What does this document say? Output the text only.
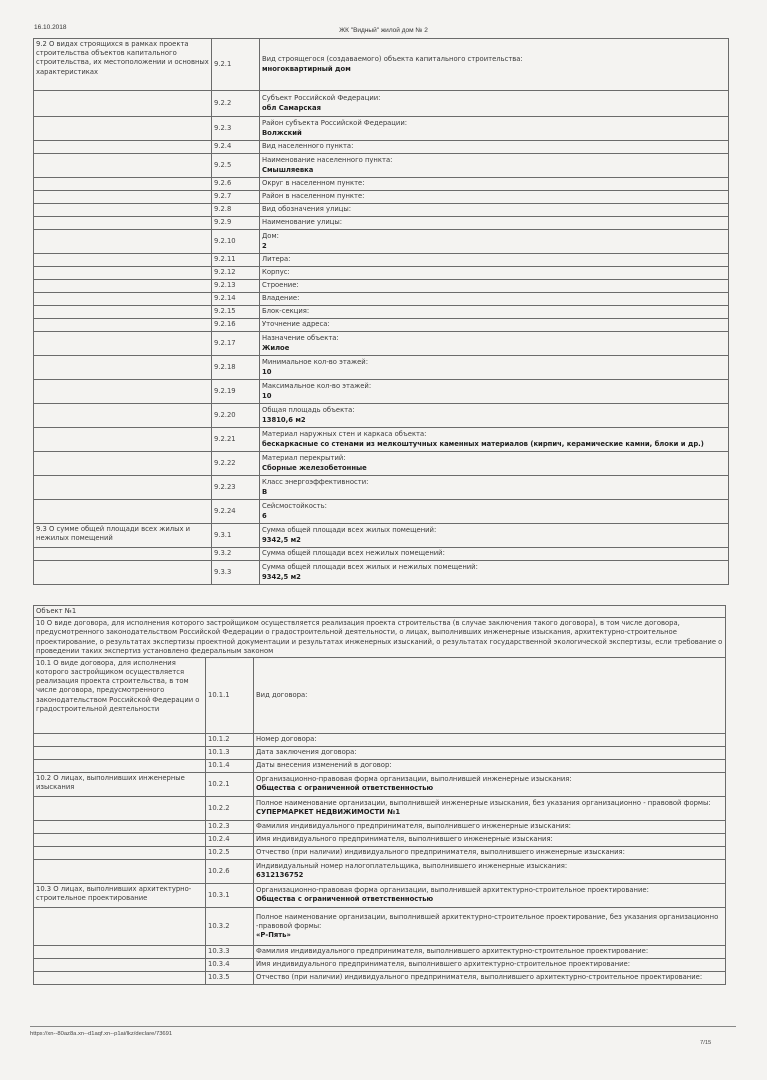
16.10.2018	ЖК "Видный" жилой дом № 2
9.2 О видах строящихся в рамках проекта строительства объектов капитального строительства, их местоположении и основных характеристиках	9.2.1	Вид строящегося (создаваемого) объекта капитального строительства:
многоквартирный дом

	9.2.2	Субъект Российской Федерации:
обл Самарская

	9.2.3	Район субъекта Российской Федерации:
Волжский

	9.2.4	Вид населенного пункта:

	9.2.5	Наименование населенного пункта:
Смышляевка

	9.2.6	Округ в населенном пункте:

	9.2.7	Район в населенном пункте:

	9.2.8	Вид обозначения улицы:

	9.2.9	Наименование улицы:

	9.2.10	Дом:
2

	9.2.11	Литера:

	9.2.12	Корпус:

	9.2.13	Строение:

	9.2.14	Владение:

	9.2.15	Блок-секция:

	9.2.16	Уточнение адреса:

	9.2.17	Назначение объекта:
Жилое

	9.2.18	Минимальное кол-во этажей:
10

	9.2.19	Максимальное кол-во этажей:
10

	9.2.20	Общая площадь объекта:
13810,6 м2

	9.2.21	Материал наружных стен и каркаса объекта:
бескаркасные со стенами из мелкоштучных каменных материалов (кирпич, керамические камни, блоки и др.)

	9.2.22	Материал перекрытий:
Сборные железобетонные

	9.2.23	Класс энергоэффективности:
B

	9.2.24	Сейсмостойкость:
6

9.3 О сумме общей площади всех жилых и нежилых помещений	9.3.1	Сумма общей площади всех жилых помещений:
9342,5 м2

	9.3.2	Сумма общей площади всех нежилых помещений:

	9.3.3	Сумма общей площади всех жилых и нежилых помещений:
9342,5 м2
Объект №1		
10 О виде договора, для исполнения которого застройщиком осуществляется реализация проекта строительства (в случае заключения такого договора), в том числе договора, предусмотренного законодательством Российской Федерации о градостроительной деятельности, о лицах, выполнивших инженерные изыскания, архитектурно-строительное проектирование, о результатах экспертизы проектной документации и результатах инженерных изысканий, о результатах государственной экологической экспертизы, если требование о проведении таких экспертиз установлено федеральным законом		
10.1 О виде договора, для исполнения которого застройщиком осуществляется реализация проекта строительства, в том числе договора, предусмотренного законодательством Российской Федерации о градостроительной деятельности	10.1.1	Вид договора:

	10.1.2	Номер договора:

	10.1.3	Дата заключения договора:

	10.1.4	Даты внесения изменений в договор:

10.2 О лицах, выполнивших инженерные изыскания	10.2.1	Организационно-правовая форма организации, выполнившей инженерные изыскания:
Общества с ограниченной ответственностью

	10.2.2	Полное наименование организации, выполнившей инженерные изыскания, без указания организационно - правовой формы:
СУПЕРМАРКЕТ НЕДВИЖИМОСТИ №1

	10.2.3	Фамилия индивидуального предпринимателя, выполнившего инженерные изыскания:

	10.2.4	Имя индивидуального предпринимателя, выполнившего инженерные изыскания:

	10.2.5	Отчество (при наличии) индивидуального предпринимателя, выполнившего инженерные изыскания:

	10.2.6	Индивидуальный номер налогоплательщика, выполнившего инженерные изыскания:
6312136752

10.3 О лицах, выполнивших архитектурно-строительное проектирование	10.3.1	Организационно-правовая форма организации, выполнившей архитектурно-строительное проектирование:
Общества с ограниченной ответственностью

	10.3.2	Полное наименование организации, выполнившей архитектурно-строительное проектирование, без указания организационно -правовой формы:
«Р-Пять»

	10.3.3	Фамилия индивидуального предпринимателя, выполнившего архитектурно-строительное проектирование:

	10.3.4	Имя индивидуального предпринимателя, выполнившего архитектурно-строительное проектирование:

	10.3.5	Отчество (при наличии) индивидуального предпринимателя, выполнившего архитектурно-строительное проектирование:
https://xn--80az8a.xn--d1aqf.xn--p1ai/lkz/declare/73691
7/15
